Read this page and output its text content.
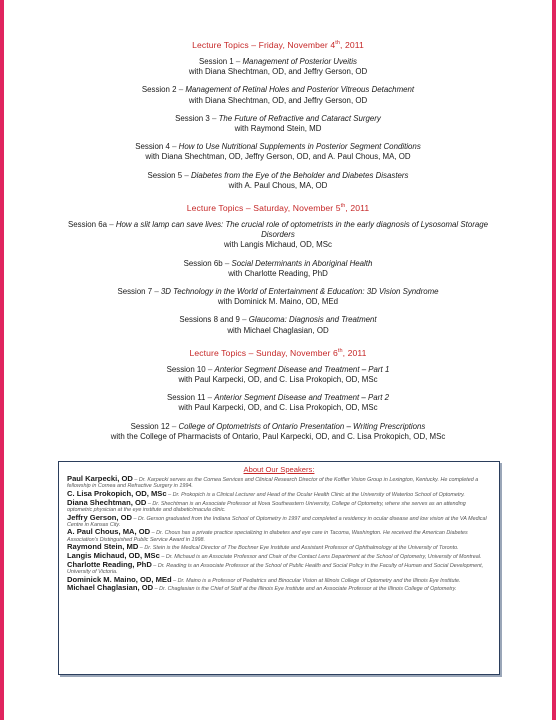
Lecture Topics – Friday, November 4th, 2011
Session 1 – Management of Posterior Uveitis
with Diana Shechtman, OD, and Jeffry Gerson, OD
Session 2 – Management of Retinal Holes and Posterior Vitreous Detachment
with Diana Shechtman, OD, and Jeffry Gerson, OD
Session 3 – The Future of Refractive and Cataract Surgery
with Raymond Stein, MD
Session 4 – How to Use Nutritional Supplements in Posterior Segment Conditions
with Diana Shechtman, OD, Jeffry Gerson, OD, and A. Paul Chous, MA, OD
Session 5 – Diabetes from the Eye of the Beholder and Diabetes Disasters
with A. Paul Chous, MA, OD
Lecture Topics – Saturday, November 5th, 2011
Session 6a – How a slit lamp can save lives: The crucial role of optometrists in the early diagnosis of Lysosomal Storage Disorders
with Langis Michaud, OD, MSc
Session 6b – Social Determinants in Aboriginal Health
with Charlotte Reading, PhD
Session 7 – 3D Technology in the World of Entertainment & Education: 3D Vision Syndrome
with Dominick M. Maino, OD, MEd
Sessions 8 and 9 – Glaucoma: Diagnosis and Treatment
with Michael Chaglasian, OD
Lecture Topics – Sunday, November 6th, 2011
Session 10 – Anterior Segment Disease and Treatment – Part 1
with Paul Karpecki, OD, and C. Lisa Prokopich, OD, MSc
Session 11 – Anterior Segment Disease and Treatment – Part 2
with Paul Karpecki, OD, and C. Lisa Prokopich, OD, MSc
Session 12 – College of Optometrists of Ontario Presentation – Writing Prescriptions
with the College of Pharmacists of Ontario, Paul Karpecki, OD, and C. Lisa Prokopich, OD, MSc
About Our Speakers:
Paul Karpecki, OD – Dr. Karpecki serves as the Cornea Services and Clinical Research Director of the Koffler Vision Group in Lexington, Kentucky. He completed a fellowship in Cornea and Refractive Surgery in 1994.
C. Lisa Prokopich, OD, MSc – Dr. Prokopich is a Clinical Lecturer and Head of the Ocular Health Clinic at the University of Waterloo School of Optometry.
Diana Shechtman, OD – Dr. Shechtman is an Associate Professor at Nova Southeastern University, College of Optometry, where she serves as an attending optometric physician at the eye institute and diabetic/macula clinic.
Jeffry Gerson, OD – Dr. Gerson graduated from the Indiana School of Optometry in 1997 and completed a residency in ocular disease and low vision at the VA Medical Centre in Kansas City.
A. Paul Chous, MA, OD – Dr. Chous has a private practice specializing in diabetes and eye care in Tacoma, Washington. He received the American Diabetes Association's Distinguished Public Service Award in 1998.
Raymond Stein, MD – Dr. Stein is the Medical Director of The Bochner Eye Institute and Assistant Professor of Ophthalmology at the University of Toronto.
Langis Michaud, OD, MSc – Dr. Michaud is an Associate Professor and Chair of the Contact Lens Department at the School of Optometry, University of Montreal.
Charlotte Reading, PhD – Dr. Reading is an Associate Professor at the School of Public Health and Social Policy in the Faculty of Human and Social Development, University of Victoria.
Dominick M. Maino, OD, MEd – Dr. Maino is a Professor of Pediatrics and Binocular Vision at Illinois College of Optometry and the Illinois Eye Institute.
Michael Chaglasian, OD – Dr. Chaglasian is the Chief of Staff at the Illinois Eye Institute and an Associate Professor at the Illinois College of Optometry.
